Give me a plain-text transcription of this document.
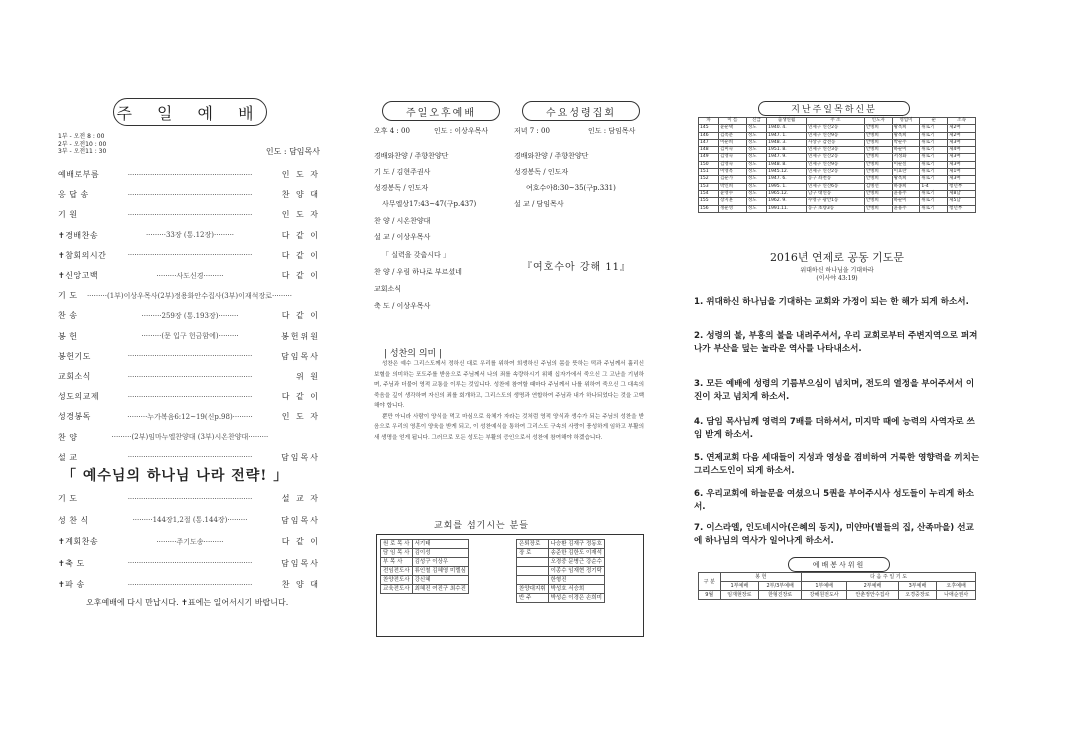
주 일 예 배
1부 - 오전 8 : 00
2부 - 오전10 : 00
3부 - 오전11 : 30	인도 : 담임목사
예배로부름	························································	인 도 자
응 답 송	························································	찬 양 대
기 원	························································	인 도 자
✝경배찬송	·········33장 (통.12장)·········	다 같 이
✝참회의시간	························································	다 같 이
✝신앙고백	·········사도신경·········	다 같 이
기 도	·········(1부)이상우목사(2부)정용화안수집사(3부)이재석장로·········
찬 송	·········259장 (통.193장)·········	다 같 이
봉 헌	·········(문 입구 헌금함에)·········	봉헌위원
봉헌기도	························································	담임목사
교회소식	························································	위 원
성도의교제	························································	다 같 이
성경봉독	·········누가복음6:12~19(신p.98)·········	인 도 자
찬 양	·········(2부)임마누엘찬양대 (3부)시온찬양대·········
설 교	························································	담임목사
「 예수님의 하나님 나라 전략! 」
기 도	························································	설 교 자
성 찬 식	·········144장1,2절 (통.144장)·········	담임목사
✝계회찬송	·········주기도송·········	다 같 이
✝축 도	························································	담임목사
✝파 송	························································	찬 양 대
오후예배에 다시 만납시다. ✝표에는 일어서시기 바랍니다.
주일오후예배	수요성령집회
오후 4 : 00	인도 : 이상우목사	저녁 7 : 00	인도 : 담임목사
경배와찬양 / 주향찬양단
기 도 / 김현주권사
성경봉독 / 인도자
사무엘상17:43~47(구p.437)
찬 양 / 시온찬양대
설 교 / 이상우목사
「 실력을 갖춥시다 」
찬 양 / 우림 하나로 부르셨네
교회소식
축 도 / 이상우목사
경배와찬양 / 주향찬양단
성경봉독 / 인도자
여호수아8:30~35(구p.331)
설 교 / 담임목사
『여호수아 강해 11』
| 성찬의 의미 |
성찬은 예수 그리스도께서 정하신 대로 우리를 위하여 희생하신 주님의 몸을 뜻하는 떡과 주님께서 흘리신 보혈을 의미하는 포도주를 받음으로 주님께서 나의 죄를 속량하시기 위해 십자가에서 죽으신 그 고난을 기념하며, 주님과 더불어 영적 교통을 이루는 것입니다. 성찬에 참여할 때마다 주님께서 나를 위하여 죽으신 그 대속의 죽음을 깊이 생각하며 자신의 죄를 회개하고, 그리스도의 생명과 연합하여 주님과 내가 하나되었다는 것을 고백해야 합니다.
뿐만 아니라 사람이 양식을 먹고 마심으로 육체가 자라는 것처럼 영적 양식과 생수가 되는 주님의 성찬을 받음으로 우리의 영혼이 양육을 받게 되고, 이 성찬예식을 통하여 그리스도 구속의 사랑이 풍성하게 임하고 부활의 새 생명을 얻게 됩니다. 그러므로 모든 성도는 부활의 증인으로서 성찬에 참여해야 하겠습니다.
교회를 섬기시는 분들
원 로 목 사	서기태
담 임 목 사	김이성
부 목 사	김성구 이상우
전임전도사	류인철 김혜영 미렐심
찬양전도사	강신혜
교육전도사	최혜진 여진구 최수진
은퇴장로	나승환 김재구 정동호
장 로	송준한 김한도 이재석
	오경중 문병근 강순수
	이종수 임재현 정기탁
	한형진
찬양대지휘	박성호 서승희
반 주	박성순 이경은 손희미
지난주일목하신분
차	이 름	신급	출생연월	주 소	인도자	영업이	순	소속
145	윤순택	성도	1940. 4.	연제구 연산2동	안병희	황옥희	위로기	제2여
146	김옥분	성도	1947. 1.	연제구 연산9동	안병희	황옥희	위로기	제2여
147	이순희	성도	1948. 3.	사상구 감전동	안병희	박순주	위로기	제3여
148	김미숙	성도	1951. 8.	연제구 연산3동	안병희	하순이	위로기	제4여
149	김영숙	성도	1947. 9.	연제구 연산2동	안병희	서성화	위로기	제3여
150	김영숙	성도	1948. 8.	연제구 연산9동	안병희	이순실	위로기	제3여
151	이영옥	성도	1945.12.	연제구 연산2동	안병희	이효란	위로기	제1여
152	김순가	성도	1947. 6.	동구 좌천동	안병희	황옥희	위로기	제3여
153	박인희	성도	1995. 1.	연제구 연산6동	김병선	하종희	1-4	청년부
154	윤영수	성도	1965.12.	남구 대연동	안병희	윤용주	위로기	제8남
155	장지훈	성도	1962. 9.	수영구 광안1동	안병희	하순이	위로기	제5남
156	정운영	성도	1991.11.	동구 초량3동	안병희	윤용주	위로기	청년부
2016년 연제로 공동 기도문
위대하신 하나님을 기대하라
(이사야 43:19)
1. 위대하신 하나님을 기대하는 교회와 가정이 되는 한 해가 되게 하소서.
2. 성령의 불, 부흥의 불을 내려주셔서, 우리 교회로부터 주변지역으로 퍼져나가 부산을 덮는 놀라운 역사를 나타내소서.
3. 모든 예배에 성령의 기름부으심이 넘치며, 전도의 열정을 부어주셔서 이 진이 차고 넘치게 하소서.
4. 담임 목사님께 영력의 7배를 더하셔서, 미지막 때에 능력의 사역자로 쓰임 받게 하소서.
5. 연제교회 다음 세대들이 지성과 영성을 겸비하여 거룩한 영향력을 끼치는 그리스도인이 되게 하소서.
6. 우리교회에 하늘문을 여셨으니 5퀀을 부어주시사 성도들이 누리게 하소서.
7. 이스라엘, 인도네시아(은혜의 동지), 미얀마(별들의 집, 산족마을) 선교에 하나님의 역사가 일어나게 하소서.
예배봉사위원
구 분	봉 헌		다 음 주 일 기 도			
	1부예배	2부/3부예배	1부예배	2부예배	3부예배	오후예배
9월	임재현장로	한형진장로	강해원전도사	안춘정안수집사	오경중장로	나애순권사
